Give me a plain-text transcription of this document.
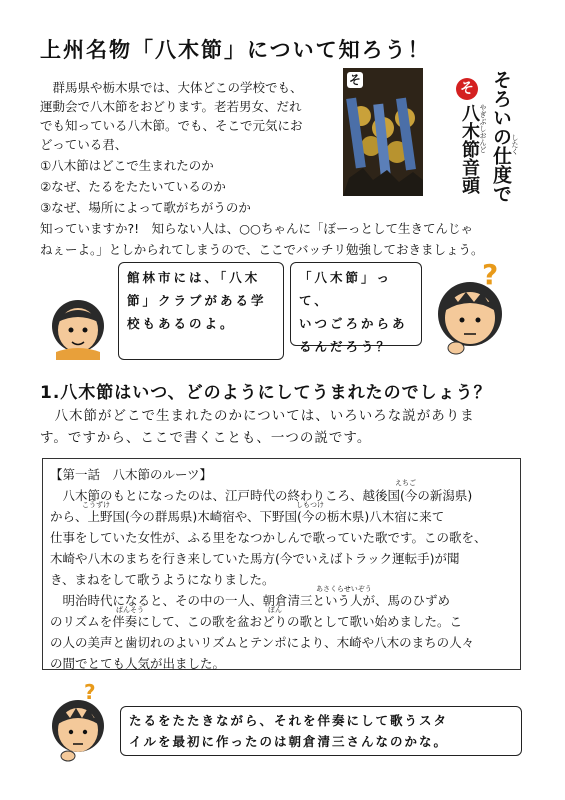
上州名物「八木節」について知ろう！
　群馬県や栃木県では、大体どこの学校でも、
運動会で八木節をおどります。老若男女、だれ
でも知っている八木節。でも、そこで元気にお
どっている君、
①八木節はどこで生まれたのか
②なぜ、たるをたたいているのか
③なぜ、場所によって歌がちがうのか
知っていますか?!　知らない人は、○○ちゃんに「ぼーっとして生きてんじゃ
ねぇーよ。」としかられてしまうので、ここでバッチリ勉強しておきましょう。
そ	そろいの仕度で したく
そ
八木節音頭 やぎぶしおんど
館林市には、「八木
節」クラブがある学
校もあるのよ。
「八木節」って、
いつごろからあ
るんだろう？
?
1.八木節はいつ、どのようにしてうまれたのでしょう？
　八木節がどこで生まれたのかについては、いろいろな説がありま
す。ですから、ここで書くことも、一つの説です。
【第一話　八木節のルーツ】
　八木節のもとになったのは、江戸時代の終わりころ、越後国(今の新潟県)
から、上野国(今の群馬県)木崎宿や、下野国(今の栃木県)八木宿に来て
仕事をしていた女性が、ふる里をなつかしんで歌っていた歌です。この歌を、
木崎や八木のまちを行き来していた馬方(今でいえばトラック運転手)が聞
き、まねをして歌うようになりました。
　明治時代になると、その中の一人、朝倉清三という人が、馬のひずめ
のリズムを伴奏にして、この歌を盆おどりの歌として歌い始めました。こ
の人の美声と歯切れのよいリズムとテンポにより、木崎や八木のまちの人々
の間でとても人気が出ました。
えちご
こうずけ	しもつけ
あさくらせいぞう
ばんそう	ぼん
?
たるをたたきながら、それを伴奏にして歌うスタ
イルを最初に作ったのは朝倉清三さんなのかな。
